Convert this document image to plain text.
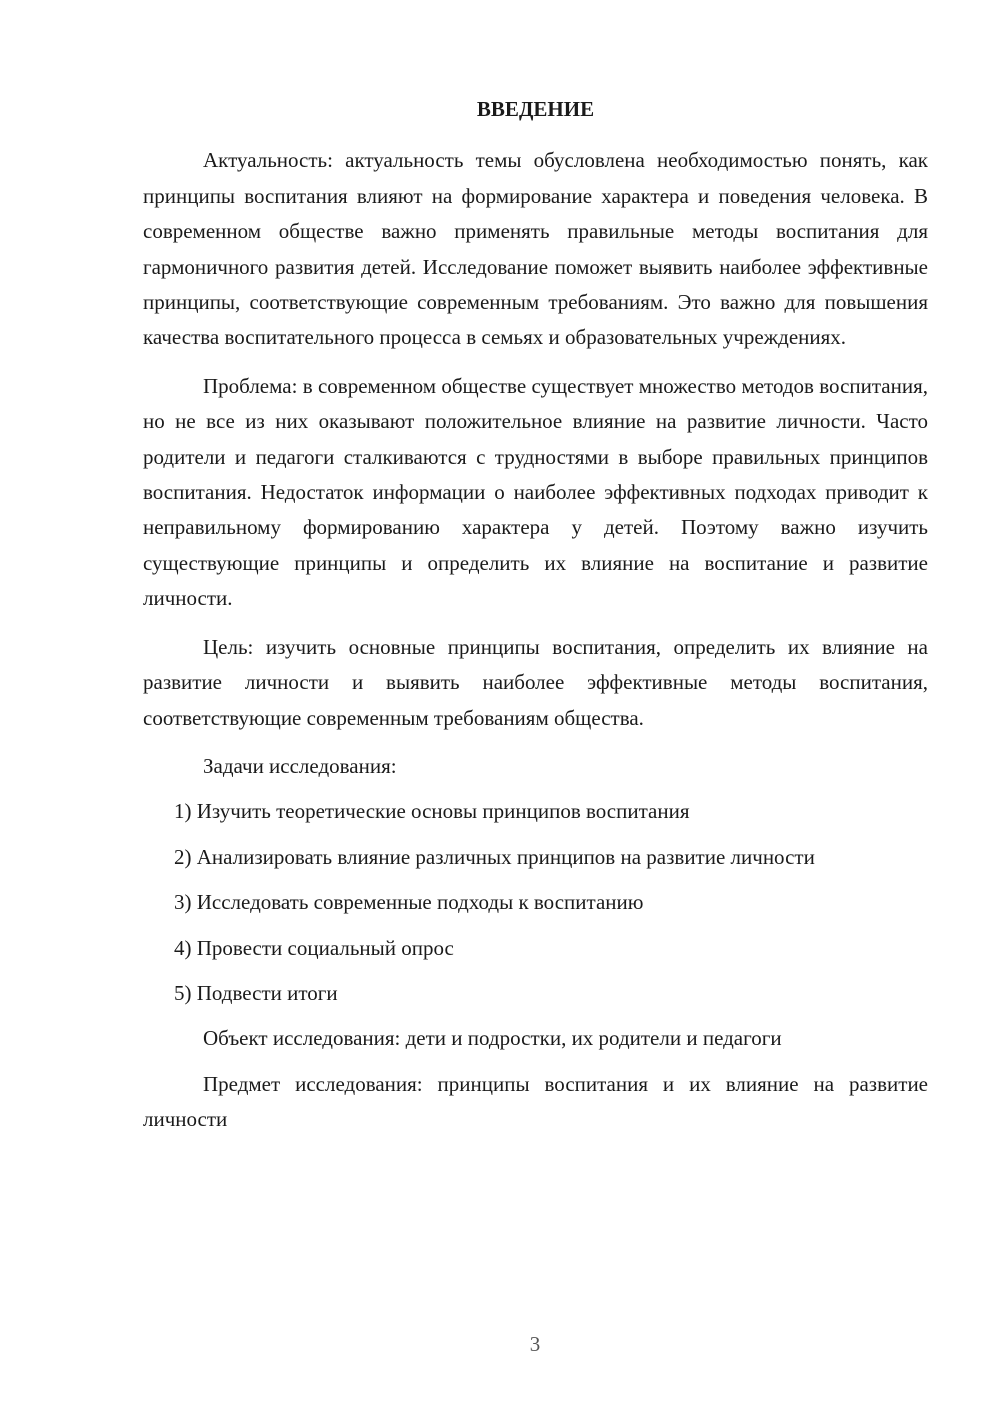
ВВЕДЕНИЕ

Актуальность: актуальность темы обусловлена необходимостью понять, как принципы воспитания влияют на формирование характера и поведения человека. В современном обществе важно применять правильные методы воспитания для гармоничного развития детей. Исследование поможет выявить наиболее эффективные принципы, соответствующие современным требованиям. Это важно для повышения качества воспитательного процесса в семьях и образовательных учреждениях.

Проблема: в современном обществе существует множество методов воспитания, но не все из них оказывают положительное влияние на развитие личности. Часто родители и педагоги сталкиваются с трудностями в выборе правильных принципов воспитания. Недостаток информации о наиболее эффективных подходах приводит к неправильному формированию характера у детей. Поэтому важно изучить существующие принципы и определить их влияние на воспитание и развитие личности.

Цель: изучить основные принципы воспитания, определить их влияние на развитие личности и выявить наиболее эффективные методы воспитания, соответствующие современным требованиям общества.

Задачи исследования:

1) Изучить теоретические основы принципов воспитания

2) Анализировать влияние различных принципов на развитие личности

3) Исследовать современные подходы к воспитанию

4) Провести социальный опрос

5) Подвести итоги

Объект исследования: дети и подростки, их родители и педагоги

Предмет исследования: принципы воспитания и их влияние на развитие личности

3
